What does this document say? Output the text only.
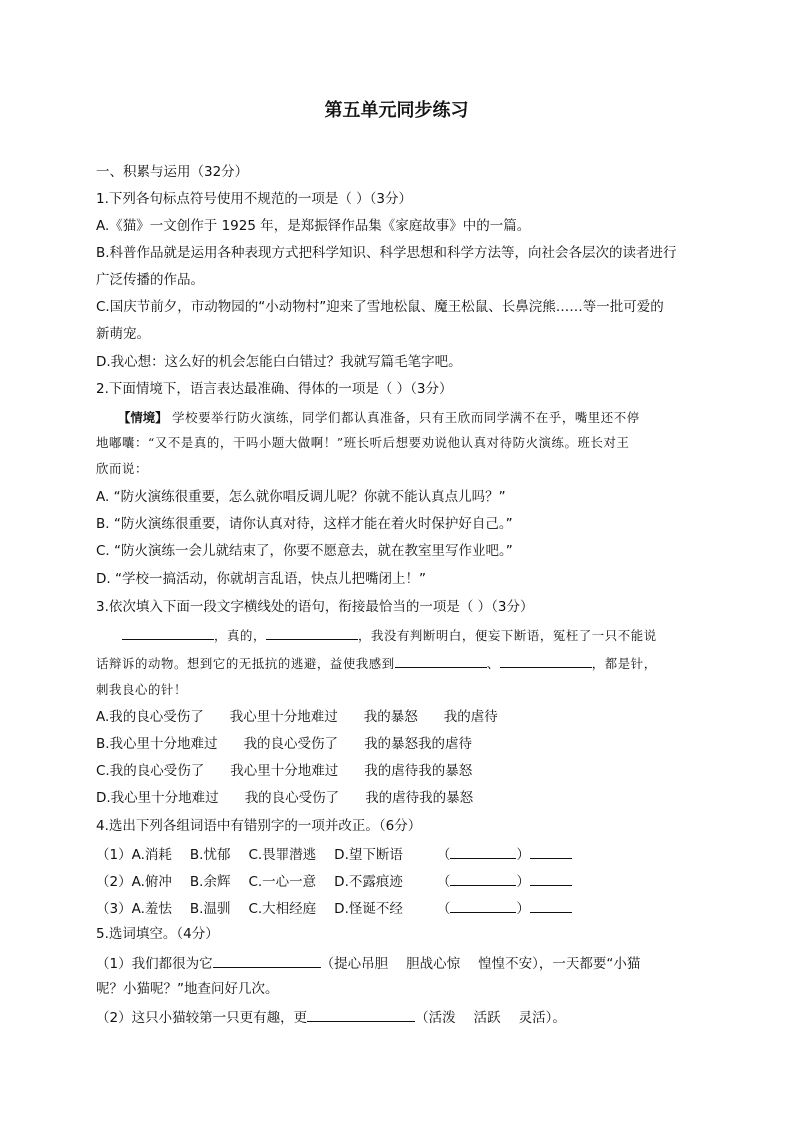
第五单元同步练习
一、积累与运用（32分）
1.下列各句标点符号使用不规范的一项是（ ）（3分）
A.《猫》一文创作于 1925 年，是郑振铎作品集《家庭故事》中的一篇。
B.科普作品就是运用各种表现方式把科学知识、科学思想和科学方法等，向社会各层次的读者进行
广泛传播的作品。
C.国庆节前夕，市动物园的“小动物村”迎来了雪地松鼠、魔王松鼠、长鼻浣熊……等一批可爱的
新萌宠。
D.我心想：这么好的机会怎能白白错过？我就写篇毛笔字吧。
2.下面情境下，语言表达最准确、得体的一项是（ ）（3分）
【情境】 学校要举行防火演练，同学们都认真准备，只有王欣而同学满不在乎，嘴里还不停
地嘟囔：“又不是真的，干吗小题大做啊！”班长听后想要劝说他认真对待防火演练。班长对王
欣而说：
A. “防火演练很重要，怎么就你唱反调儿呢？你就不能认真点儿吗？”
B. “防火演练很重要，请你认真对待，这样才能在着火时保护好自己。”
C. “防火演练一会儿就结束了，你要不愿意去，就在教室里写作业吧。”
D. “学校一搞活动，你就胡言乱语，快点儿把嘴闭上！”
3.依次填入下面一段文字横线处的语句，衔接最恰当的一项是（ ）（3分）
，真的，	，我没有判断明白，便妄下断语，冤枉了一只不能说
话辩诉的动物。想到它的无抵抗的逃避，益使我感到	、	，都是针，
刺我良心的针！
A.我的良心受伤了 我心里十分地难过 我的暴怒 我的虐待
B.我心里十分地难过 我的良心受伤了 我的暴怒我的虐待
C.我的良心受伤了 我心里十分地难过 我的虐待我的暴怒
D.我心里十分地难过 我的良心受伤了 我的虐待我的暴怒
4.选出下列各组词语中有错别字的一项并改正。（6分）
（1）A.消耗 B.忧郁 C.畏罪潜逃 D.望下断语	（	）
（2）A.俯冲 B.余辉 C.一心一意 D.不露痕迹	（	）
（3）A.羞怯 B.温驯 C.大相经庭 D.怪诞不经	（	）
5.选词填空。（4分）
（1）我们都很为它	（提心吊胆 胆战心惊 惶惶不安），一天都要“小猫
呢？小猫呢？”地查问好几次。
（2）这只小猫较第一只更有趣，更	（活泼 活跃 灵活）。
